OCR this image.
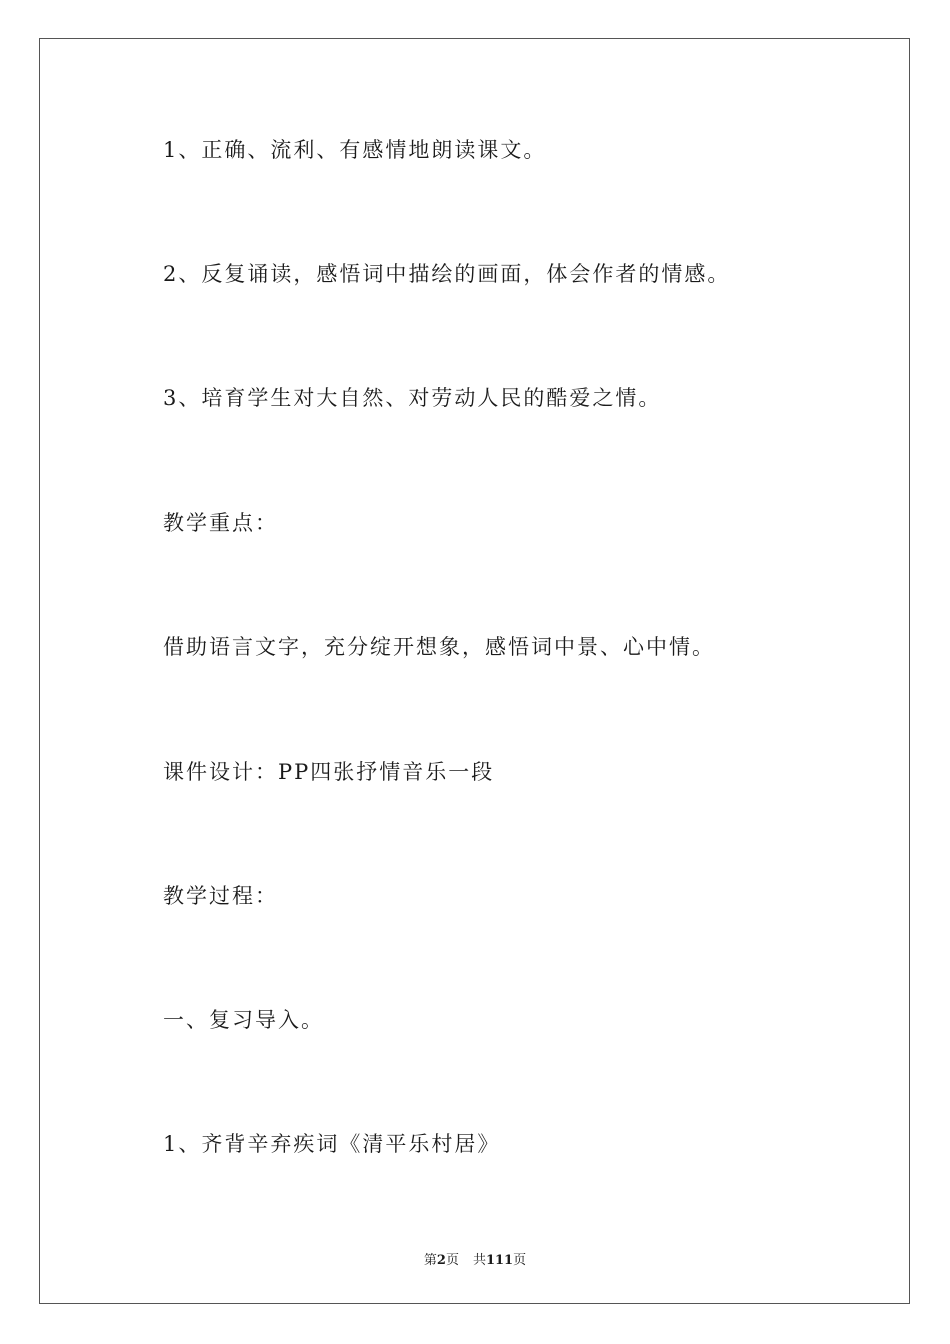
1、正确、流利、有感情地朗读课文。
2、反复诵读，感悟词中描绘的画面，体会作者的情感。
3、培育学生对大自然、对劳动人民的酷爱之情。
教学重点：
借助语言文字，充分绽开想象，感悟词中景、心中情。
课件设计：PP四张抒情音乐一段
教学过程：
一、复习导入。
1、齐背辛弃疾词《清平乐村居》
第2页 共111页
